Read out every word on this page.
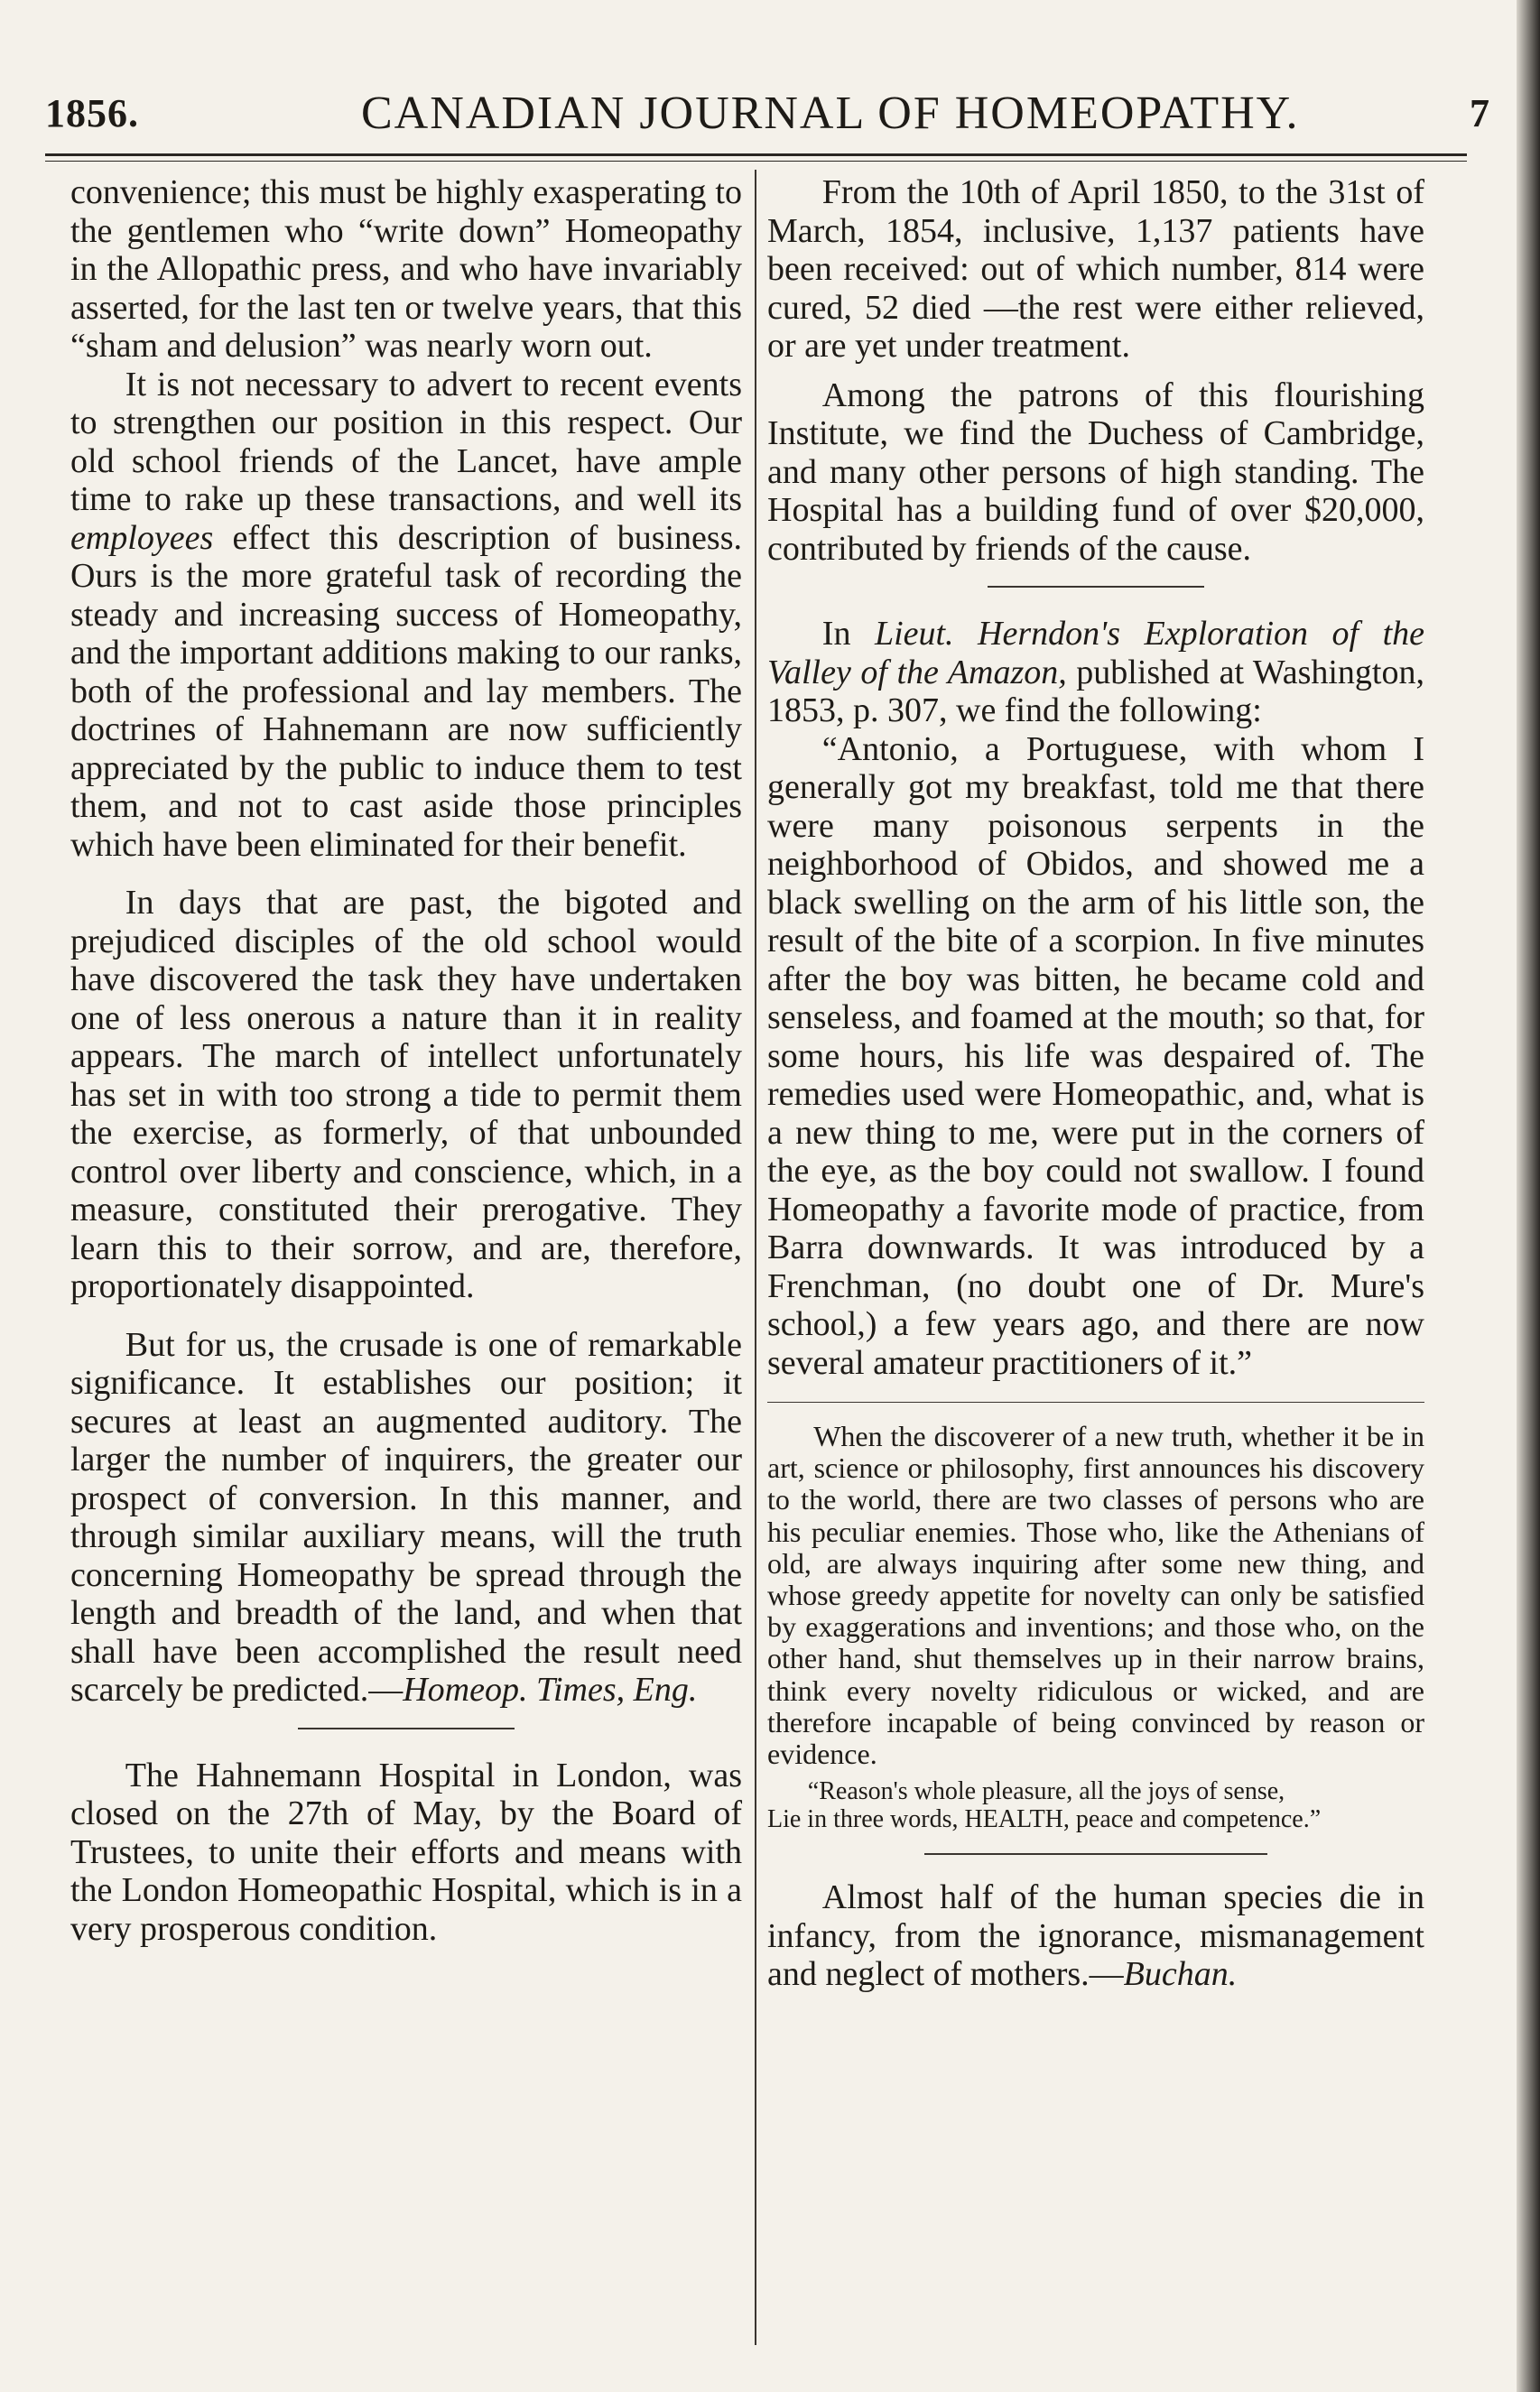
1856.	CANADIAN JOURNAL OF HOMEOPATHY.	7

convenience; this must be highly exasperating to the gentlemen who “write down” Homeopathy in the Allopathic press, and who have invariably asserted, for the last ten or twelve years, that this “sham and delusion” was nearly worn out.

It is not necessary to advert to recent events to strengthen our position in this respect. Our old school friends of the Lancet, have ample time to rake up these transactions, and well its employees effect this description of business. Ours is the more grateful task of recording the steady and increasing success of Homeopathy, and the important additions making to our ranks, both of the professional and lay members. The doctrines of Hahnemann are now sufficiently appreciated by the public to induce them to test them, and not to cast aside those principles which have been eliminated for their benefit.

In days that are past, the bigoted and prejudiced disciples of the old school would have discovered the task they have undertaken one of less onerous a nature than it in reality appears. The march of intellect unfortunately has set in with too strong a tide to permit them the exercise, as formerly, of that unbounded control over liberty and conscience, which, in a measure, constituted their prerogative. They learn this to their sorrow, and are, therefore, proportionately disappointed.

But for us, the crusade is one of remarkable significance. It establishes our position; it secures at least an augmented auditory. The larger the number of inquirers, the greater our prospect of conversion. In this manner, and through similar auxiliary means, will the truth concerning Homeopathy be spread through the length and breadth of the land, and when that shall have been accomplished the result need scarcely be predicted.—Homeop. Times, Eng.

The Hahnemann Hospital in London, was closed on the 27th of May, by the Board of Trustees, to unite their efforts and means with the London Homeopathic Hospital, which is in a very prosperous condition.

From the 10th of April 1850, to the 31st of March, 1854, inclusive, 1,137 patients have been received: out of which number, 814 were cured, 52 died —the rest were either relieved, or are yet under treatment.

Among the patrons of this flourishing Institute, we find the Duchess of Cambridge, and many other persons of high standing. The Hospital has a building fund of over $20,000, contributed by friends of the cause.

In Lieut. Herndon's Exploration of the Valley of the Amazon, published at Washington, 1853, p. 307, we find the following:

“Antonio, a Portuguese, with whom I generally got my breakfast, told me that there were many poisonous serpents in the neighborhood of Obidos, and showed me a black swelling on the arm of his little son, the result of the bite of a scorpion. In five minutes after the boy was bitten, he became cold and senseless, and foamed at the mouth; so that, for some hours, his life was despaired of. The remedies used were Homeopathic, and, what is a new thing to me, were put in the corners of the eye, as the boy could not swallow. I found Homeopathy a favorite mode of practice, from Barra downwards. It was introduced by a Frenchman, (no doubt one of Dr. Mure's school,) a few years ago, and there are now several amateur practitioners of it.”

When the discoverer of a new truth, whether it be in art, science or philosophy, first announces his discovery to the world, there are two classes of persons who are his peculiar enemies. Those who, like the Athenians of old, are always inquiring after some new thing, and whose greedy appetite for novelty can only be satisfied by exaggerations and inventions; and those who, on the other hand, shut themselves up in their narrow brains, think every novelty ridiculous or wicked, and are therefore incapable of being convinced by reason or evidence.

“Reason's whole pleasure, all the joys of sense,

Lie in three words, HEALTH, peace and competence.”

Almost half of the human species die in infancy, from the ignorance, mismanagement and neglect of mothers.—Buchan.
